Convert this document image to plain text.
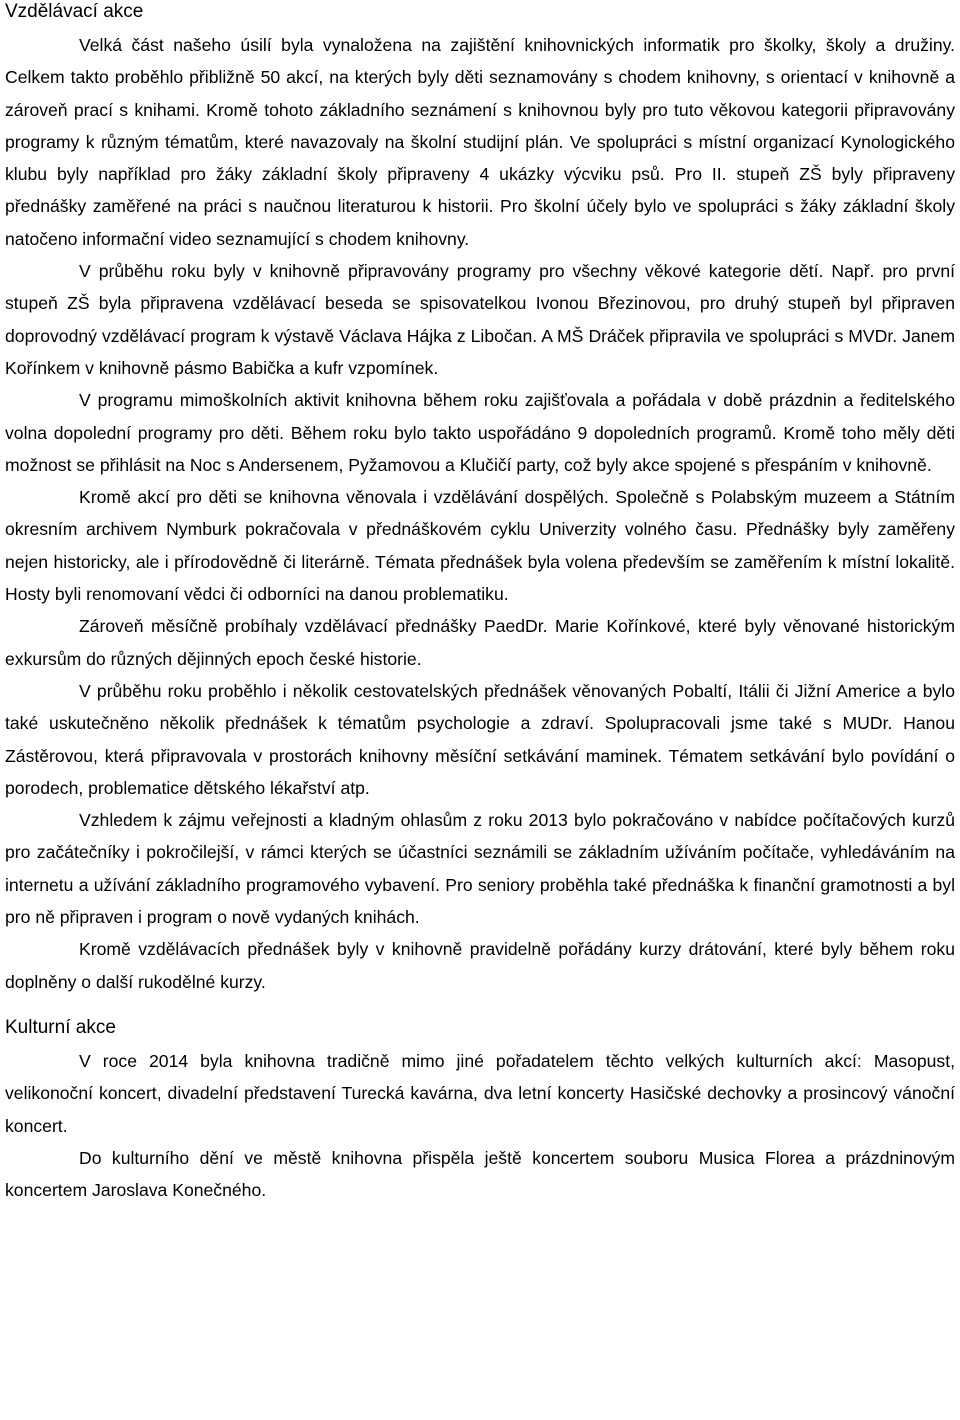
Vzdělávací akce

Velká část našeho úsilí byla vynaložena na zajištění knihovnických informatik pro školky, školy a družiny. Celkem takto proběhlo přibližně 50 akcí, na kterých byly děti seznamovány s chodem knihovny, s orientací v knihovně a zároveň prací s knihami. Kromě tohoto základního seznámení s knihovnou byly pro tuto věkovou kategorii připravovány programy k různým tématům, které navazovaly na školní studijní plán. Ve spolupráci s místní organizací Kynologického klubu byly například pro žáky základní školy připraveny 4 ukázky výcviku psů. Pro II. stupeň ZŠ byly připraveny přednášky zaměřené na práci s naučnou literaturou k historii. Pro školní účely bylo ve spolupráci s žáky základní školy natočeno informační video seznamující s chodem knihovny.

V průběhu roku byly v knihovně připravovány programy pro všechny věkové kategorie dětí. Např. pro první stupeň ZŠ byla připravena vzdělávací beseda se spisovatelkou Ivonou Březinovou, pro druhý stupeň byl připraven doprovodný vzdělávací program k výstavě Václava Hájka z Libočan. A MŠ Dráček připravila ve spolupráci s MVDr. Janem Kořínkem v knihovně pásmo Babička a kufr vzpomínek.

V programu mimoškolních aktivit knihovna během roku zajišťovala a pořádala v době prázdnin a ředitelského volna dopolední programy pro děti. Během roku bylo takto uspořádáno 9 dopoledních programů. Kromě toho měly děti možnost se přihlásit na Noc s Andersenem, Pyžamovou a Klučičí party, což byly akce spojené s přespáním v knihovně.

Kromě akcí pro děti se knihovna věnovala i vzdělávání dospělých. Společně s Polabským muzeem a Státním okresním archivem Nymburk pokračovala v přednáškovém cyklu Univerzity volného času. Přednášky byly zaměřeny nejen historicky, ale i přírodovědně či literárně. Témata přednášek byla volena především se zaměřením k místní lokalitě. Hosty byli renomovaní vědci či odborníci na danou problematiku.

Zároveň měsíčně probíhaly vzdělávací přednášky PaedDr. Marie Kořínkové, které byly věnované historickým exkursům do různých dějinných epoch české historie.

V průběhu roku proběhlo i několik cestovatelských přednášek věnovaných Pobaltí, Itálii či Jižní Americe a bylo také uskutečněno několik přednášek k tématům psychologie a zdraví. Spolupracovali jsme také s MUDr. Hanou Zástěrovou, která připravovala v prostorách knihovny měsíční setkávání maminek. Tématem setkávání bylo povídání o porodech, problematice dětského lékařství atp.

Vzhledem k zájmu veřejnosti a kladným ohlasům z roku 2013 bylo pokračováno v nabídce počítačových kurzů pro začátečníky i pokročilejší, v rámci kterých se účastníci seznámili se základním užíváním počítače, vyhledáváním na internetu a užívání základního programového vybavení. Pro seniory proběhla také přednáška k finanční gramotnosti a byl pro ně připraven i program o nově vydaných knihách.

Kromě vzdělávacích přednášek byly v knihovně pravidelně pořádány kurzy drátování, které byly během roku doplněny o další rukodělné kurzy.

Kulturní akce

V roce 2014 byla knihovna tradičně mimo jiné pořadatelem těchto velkých kulturních akcí: Masopust, velikonoční koncert, divadelní představení Turecká kavárna, dva letní koncerty Hasičské dechovky a prosincový vánoční koncert.

Do kulturního dění ve městě knihovna přispěla ještě koncertem souboru Musica Florea a prázdninovým koncertem Jaroslava Konečného.
